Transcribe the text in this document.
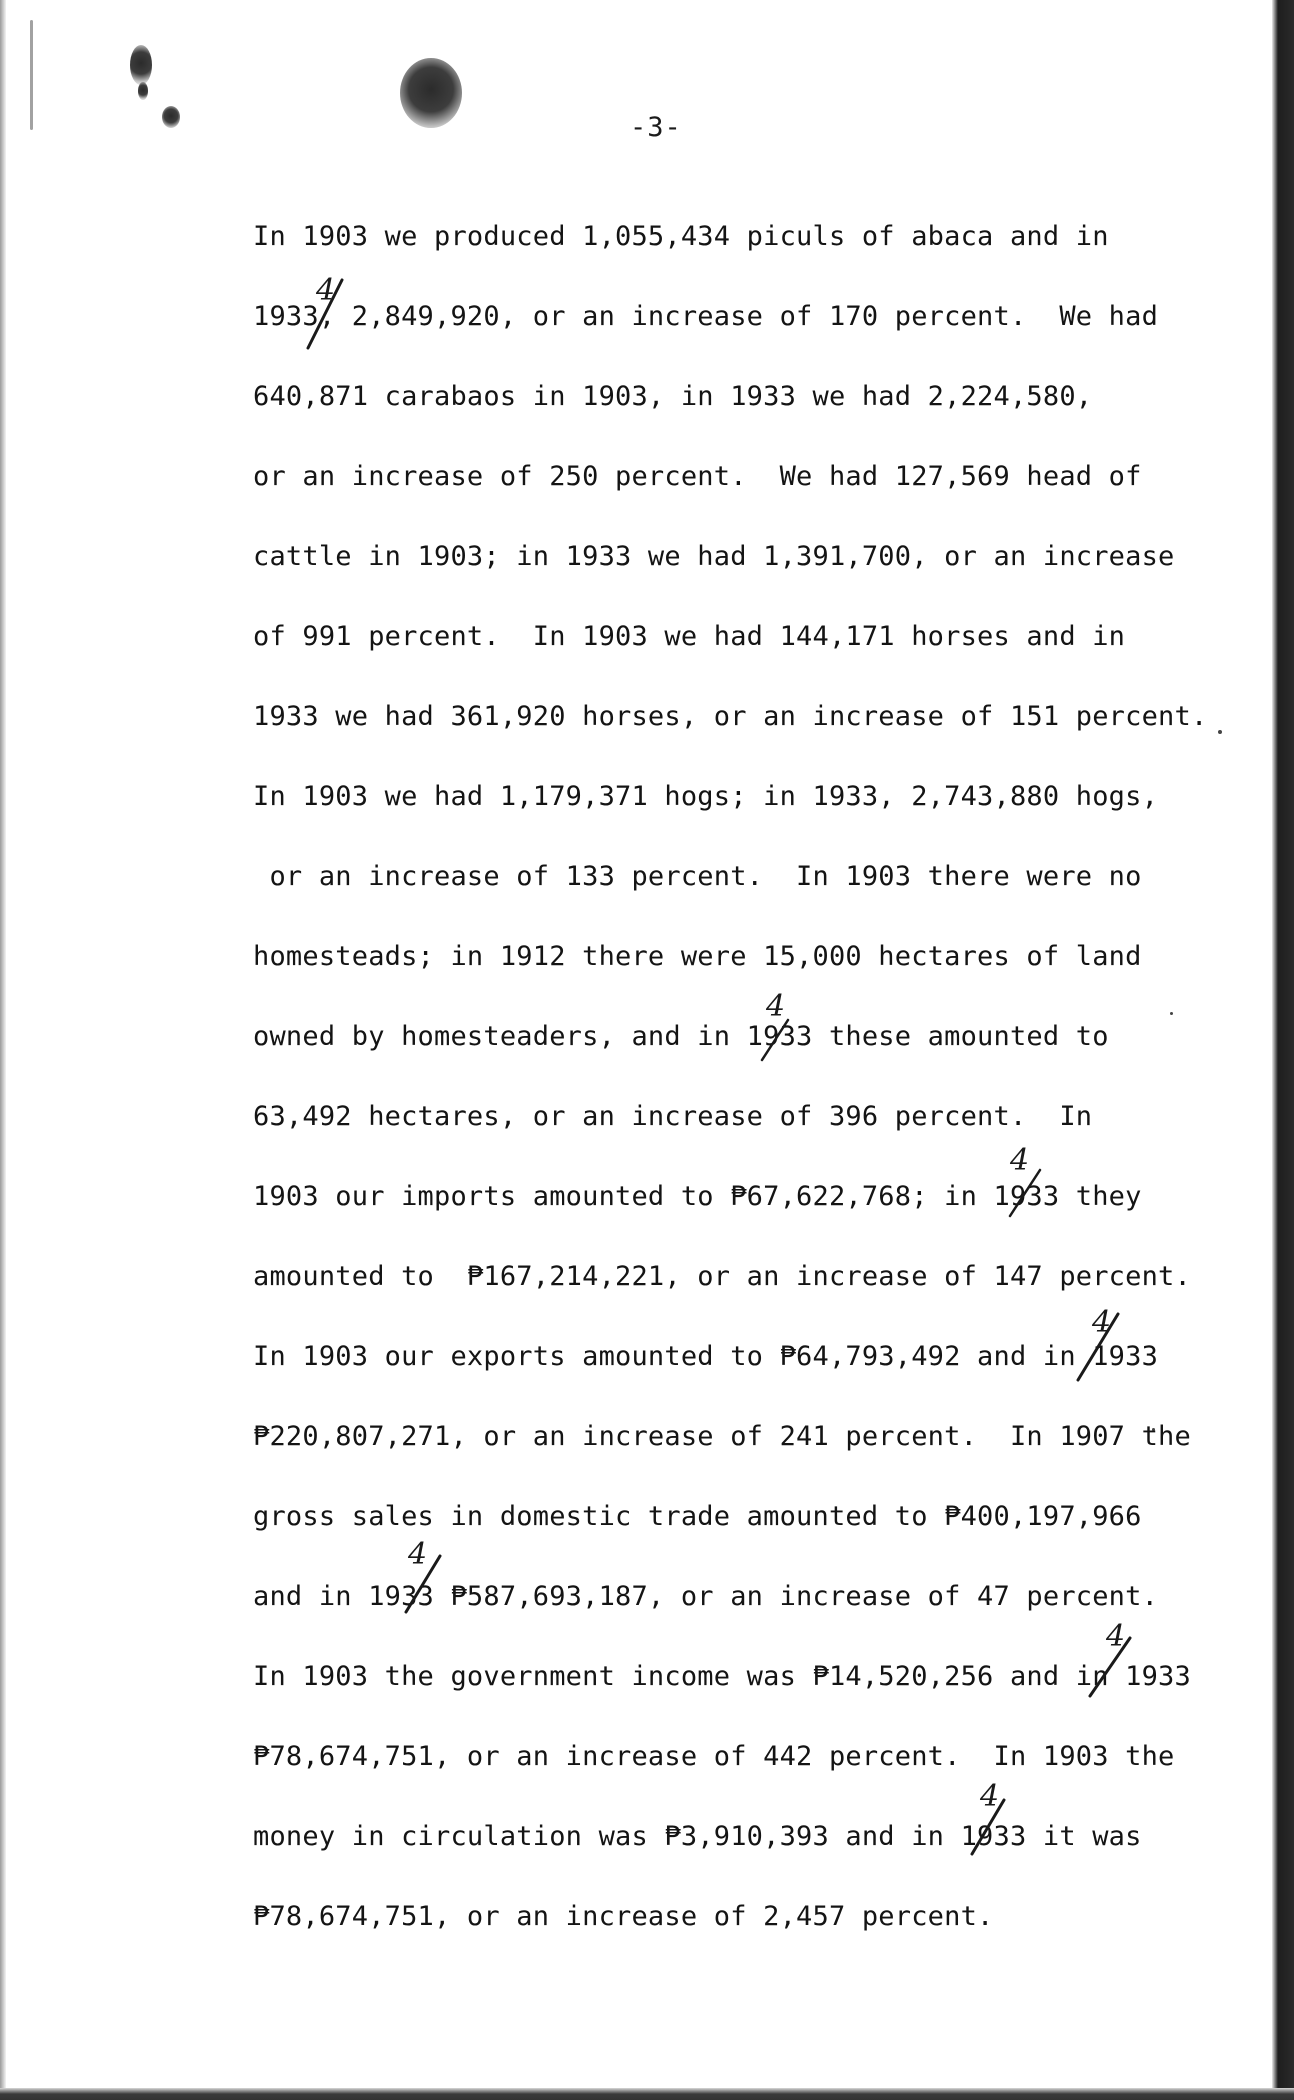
-3-
In 1903 we produced 1,055,434 piculs of abaca and in
1933, 2,849,920, or an increase of 170 percent.  We had
640,871 carabaos in 1903, in 1933 we had 2,224,580,
or an increase of 250 percent.  We had 127,569 head of
cattle in 1903; in 1933 we had 1,391,700, or an increase
of 991 percent.  In 1903 we had 144,171 horses and in
1933 we had 361,920 horses, or an increase of 151 percent.
In 1903 we had 1,179,371 hogs; in 1933, 2,743,880 hogs,
or an increase of 133 percent.  In 1903 there were no
homesteads; in 1912 there were 15,000 hectares of land
owned by homesteaders, and in 1933 these amounted to
63,492 hectares, or an increase of 396 percent.  In
1903 our imports amounted to ₱67,622,768; in 1933 they
amounted to  ₱167,214,221, or an increase of 147 percent.
In 1903 our exports amounted to ₱64,793,492 and in 1933
₱220,807,271, or an increase of 241 percent.  In 1907 the
gross sales in domestic trade amounted to ₱400,197,966
and in 1933 ₱587,693,187, or an increase of 47 percent.
In 1903 the government income was ₱14,520,256 and in 1933
₱78,674,751, or an increase of 442 percent.  In 1903 the
money in circulation was ₱3,910,393 and in 1933 it was
₱78,674,751, or an increase of 2,457 percent.
4
4
4
4
4
4
4
